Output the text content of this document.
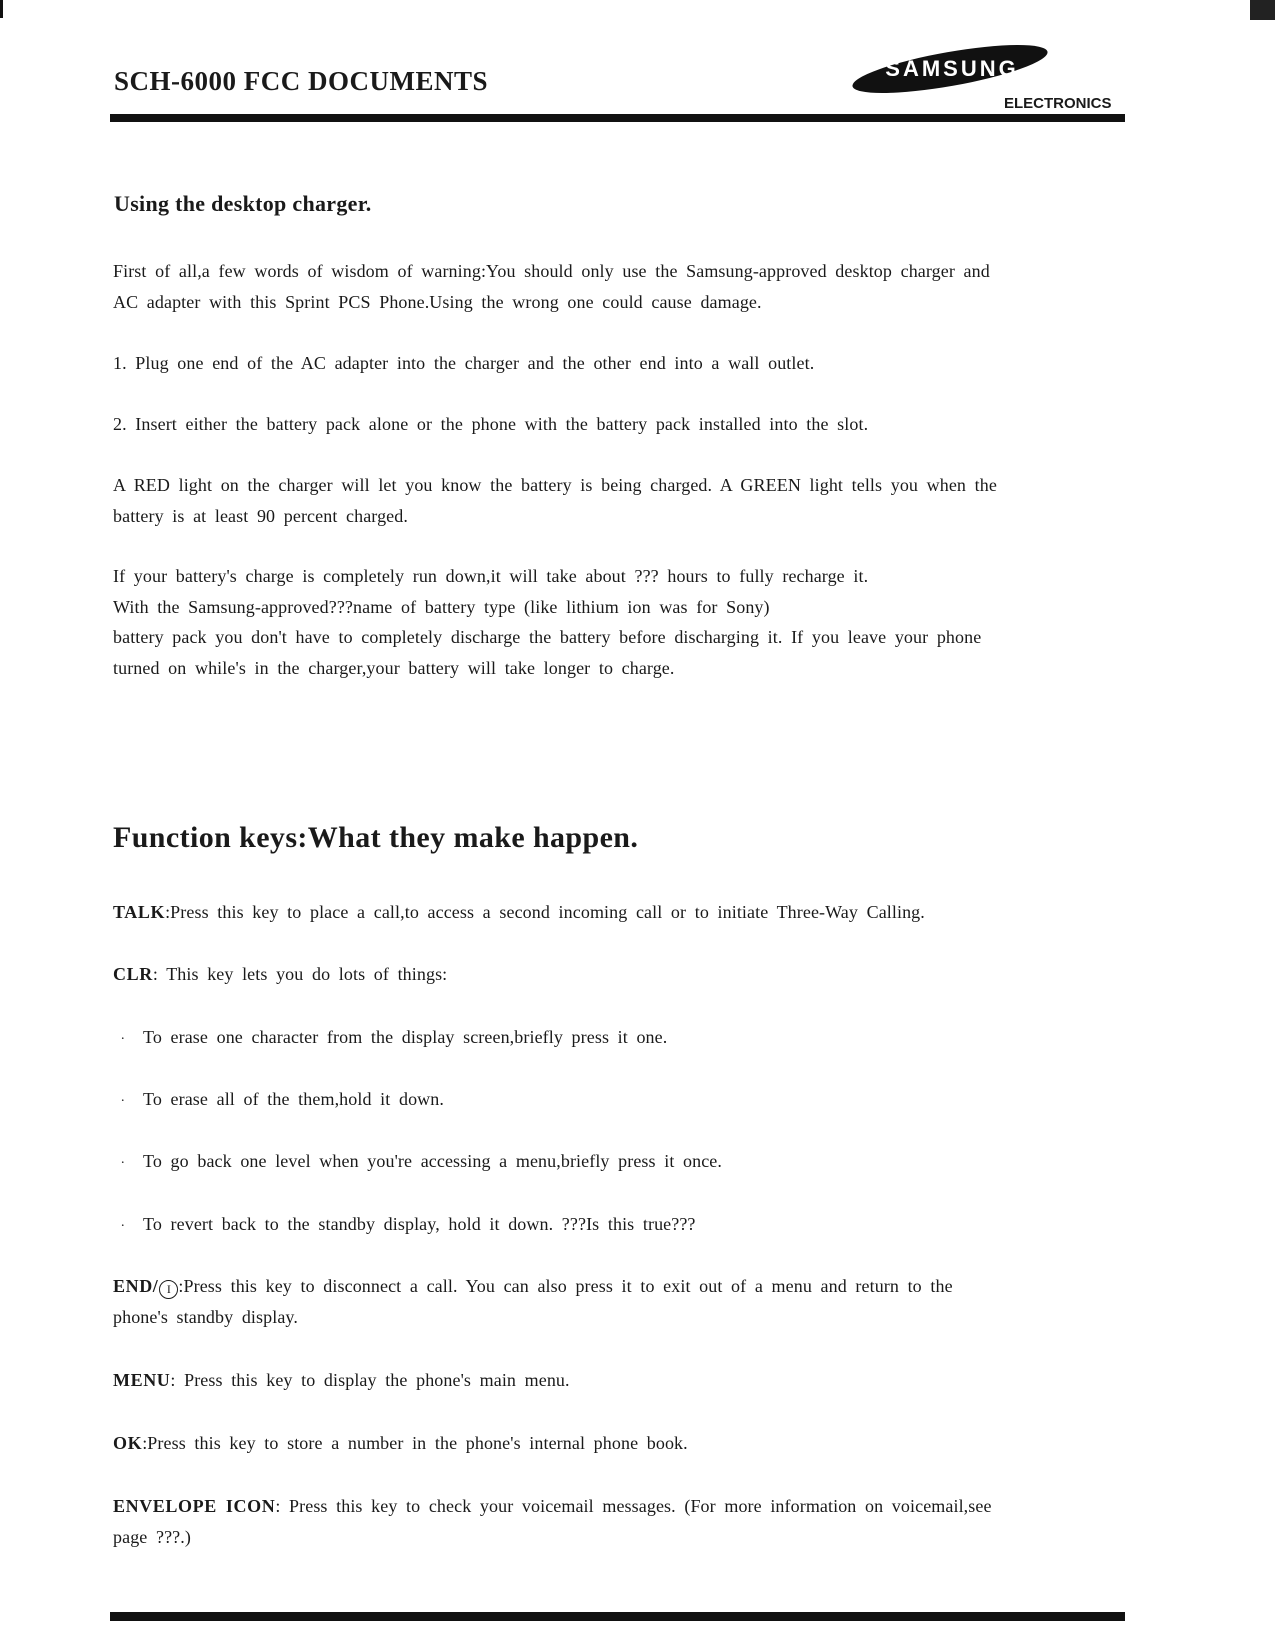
SCH-6000 FCC DOCUMENTS	SAMSUNG
ELECTRONICS
Using the desktop charger.
First of all,a few words of wisdom of warning:You should only use the Samsung-approved desktop charger and
AC adapter with this Sprint PCS Phone.Using the wrong one could cause damage.
1. Plug one end of the AC adapter into the charger and the other end into a wall outlet.
2. Insert either the battery pack alone or the phone with the battery pack installed into the slot.
A RED light on the charger will let you know the battery is being charged. A GREEN light tells you when the
battery is at least 90 percent charged.
If your battery's charge is completely run down,it will take about ??? hours to fully recharge it.
With the Samsung-approved???name of battery type (like lithium ion was for Sony)
battery pack you don't have to completely discharge the battery before discharging it. If you leave your phone
turned on while's in the charger,your battery will take longer to charge.
Function keys:What they make happen.
TALK:Press this key to place a call,to access a second incoming call or to initiate Three-Way Calling.
CLR: This key lets you do lots of things:
. To erase one character from the display screen,briefly press it one.
. To erase all of the them,hold it down.
. To go back one level when you're accessing a menu,briefly press it once.
. To revert back to the standby display, hold it down. ???Is this true???
END/ I :Press this key to disconnect a call. You can also press it to exit out of a menu and return to the
phone's standby display.
MENU: Press this key to display the phone's main menu.
OK:Press this key to store a number in the phone's internal phone book.
ENVELOPE ICON: Press this key to check your voicemail messages. (For more information on voicemail,see
page ???.)
